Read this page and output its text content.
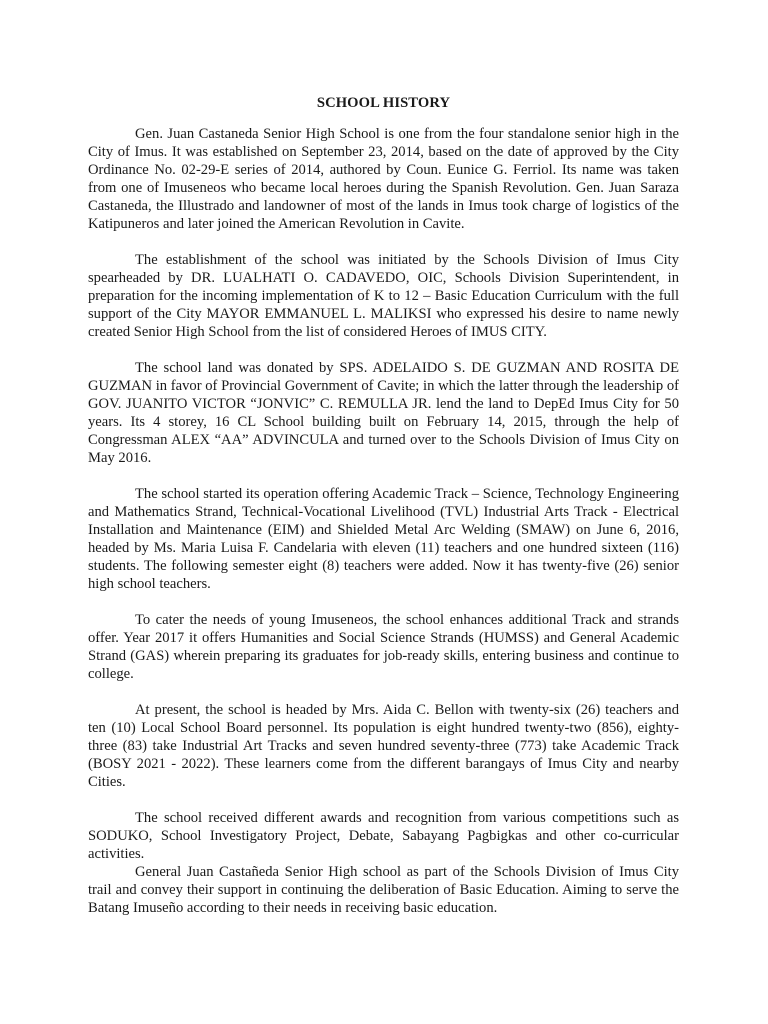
SCHOOL HISTORY

Gen. Juan Castaneda Senior High School is one from the four standalone senior high in the City of Imus. It was established on September 23, 2014, based on the date of approved by the City Ordinance No. 02-29-E series of 2014, authored by Coun. Eunice G. Ferriol. Its name was taken from one of Imuseneos who became local heroes during the Spanish Revolution. Gen. Juan Saraza Castaneda, the Illustrado and landowner of most of the lands in Imus took charge of logistics of the Katipuneros and later joined the American Revolution in Cavite.

The establishment of the school was initiated by the Schools Division of Imus City spearheaded by DR. LUALHATI O. CADAVEDO, OIC, Schools Division Superintendent, in preparation for the incoming implementation of K to 12 – Basic Education Curriculum with the full support of the City MAYOR EMMANUEL L. MALIKSI who expressed his desire to name newly created Senior High School from the list of considered Heroes of IMUS CITY.

The school land was donated by SPS. ADELAIDO S. DE GUZMAN AND ROSITA DE GUZMAN in favor of Provincial Government of Cavite; in which the latter through the leadership of GOV. JUANITO VICTOR “JONVIC” C. REMULLA JR. lend the land to DepEd Imus City for 50 years. Its 4 storey, 16 CL School building built on February 14, 2015, through the help of Congressman ALEX “AA” ADVINCULA and turned over to the Schools Division of Imus City on May 2016.

The school started its operation offering Academic Track – Science, Technology Engineering and Mathematics Strand, Technical-Vocational Livelihood (TVL) Industrial Arts Track - Electrical Installation and Maintenance (EIM) and Shielded Metal Arc Welding (SMAW) on June 6, 2016, headed by Ms. Maria Luisa F. Candelaria with eleven (11) teachers and one hundred sixteen (116) students. The following semester eight (8) teachers were added. Now it has twenty-five (26) senior high school teachers.

To cater the needs of young Imuseneos, the school enhances additional Track and strands offer. Year 2017 it offers Humanities and Social Science Strands (HUMSS) and General Academic Strand (GAS) wherein preparing its graduates for job-ready skills, entering business and continue to college.

At present, the school is headed by Mrs. Aida C. Bellon with twenty-six (26) teachers and ten (10) Local School Board personnel. Its population is eight hundred twenty-two (856), eighty-three (83) take Industrial Art Tracks and seven hundred seventy-three (773) take Academic Track (BOSY 2021 - 2022). These learners come from the different barangays of Imus City and nearby Cities.

The school received different awards and recognition from various competitions such as SODUKO, School Investigatory Project, Debate, Sabayang Pagbigkas and other co-curricular activities.

General Juan Castañeda Senior High school as part of the Schools Division of Imus City trail and convey their support in continuing the deliberation of Basic Education. Aiming to serve the Batang Imuseño according to their needs in receiving basic education.
